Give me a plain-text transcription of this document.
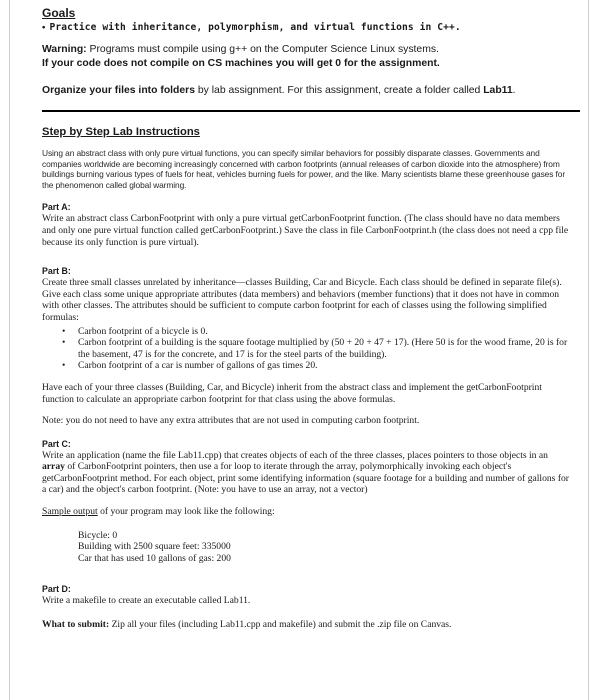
Goals
• Practice with inheritance, polymorphism, and virtual functions in C++.

Warning: Programs must compile using g++ on the Computer Science Linux systems.

If your code does not compile on CS machines you will get 0 for the assignment.

Organize your files into folders by lab assignment. For this assignment, create a folder called Lab11.

Step by Step Lab Instructions

Using an abstract class with only pure virtual functions, you can specify similar behaviors for possibly disparate classes. Governments and companies worldwide are becoming increasingly concerned with carbon footprints (annual releases of carbon dioxide into the atmosphere) from buildings burning various types of fuels for heat, vehicles burning fuels for power, and the like. Many scientists blame these greenhouse gases for the phenomenon called global warming.

Part A:

Write an abstract class CarbonFootprint with only a pure virtual getCarbonFootprint function. (The class should have no data members and only one pure virtual function called getCarbonFootprint.) Save the class in file CarbonFootprint.h (the class does not need a cpp file because its only function is pure virtual).

Part B:

Create three small classes unrelated by inheritance—classes Building, Car and Bicycle. Each class should be defined in separate file(s). Give each class some unique appropriate attributes (data members) and behaviors (member functions) that it does not have in common with other classes. The attributes should be sufficient to compute carbon footprint for each of classes using the following simplified formulas:

• Carbon footprint of a bicycle is 0.
• Carbon footprint of a building is the square footage multiplied by (50 + 20 + 47 + 17). (Here 50 is for the wood frame, 20 is for the basement, 47 is for the concrete, and 17 is for the steel parts of the building).
• Carbon footprint of a car is number of gallons of gas times 20.

Have each of your three classes (Building, Car, and Bicycle) inherit from the abstract class and implement the getCarbonFootprint function to calculate an appropriate carbon footprint for that class using the above formulas.

Note: you do not need to have any extra attributes that are not used in computing carbon footprint.

Part C:

Write an application (name the file Lab11.cpp) that creates objects of each of the three classes, places pointers to those objects in an array of CarbonFootprint pointers, then use a for loop to iterate through the array, polymorphically invoking each object's getCarbonFootprint method. For each object, print some identifying information (square footage for a building and number of gallons for a car) and the object's carbon footprint. (Note: you have to use an array, not a vector)

Sample output of your program may look like the following:

Bicycle: 0
Building with 2500 square feet: 335000
Car that has used 10 gallons of gas: 200
Part D:

Write a makefile to create an executable called Lab11.

What to submit: Zip all your files (including Lab11.cpp and makefile) and submit the .zip file on Canvas.
